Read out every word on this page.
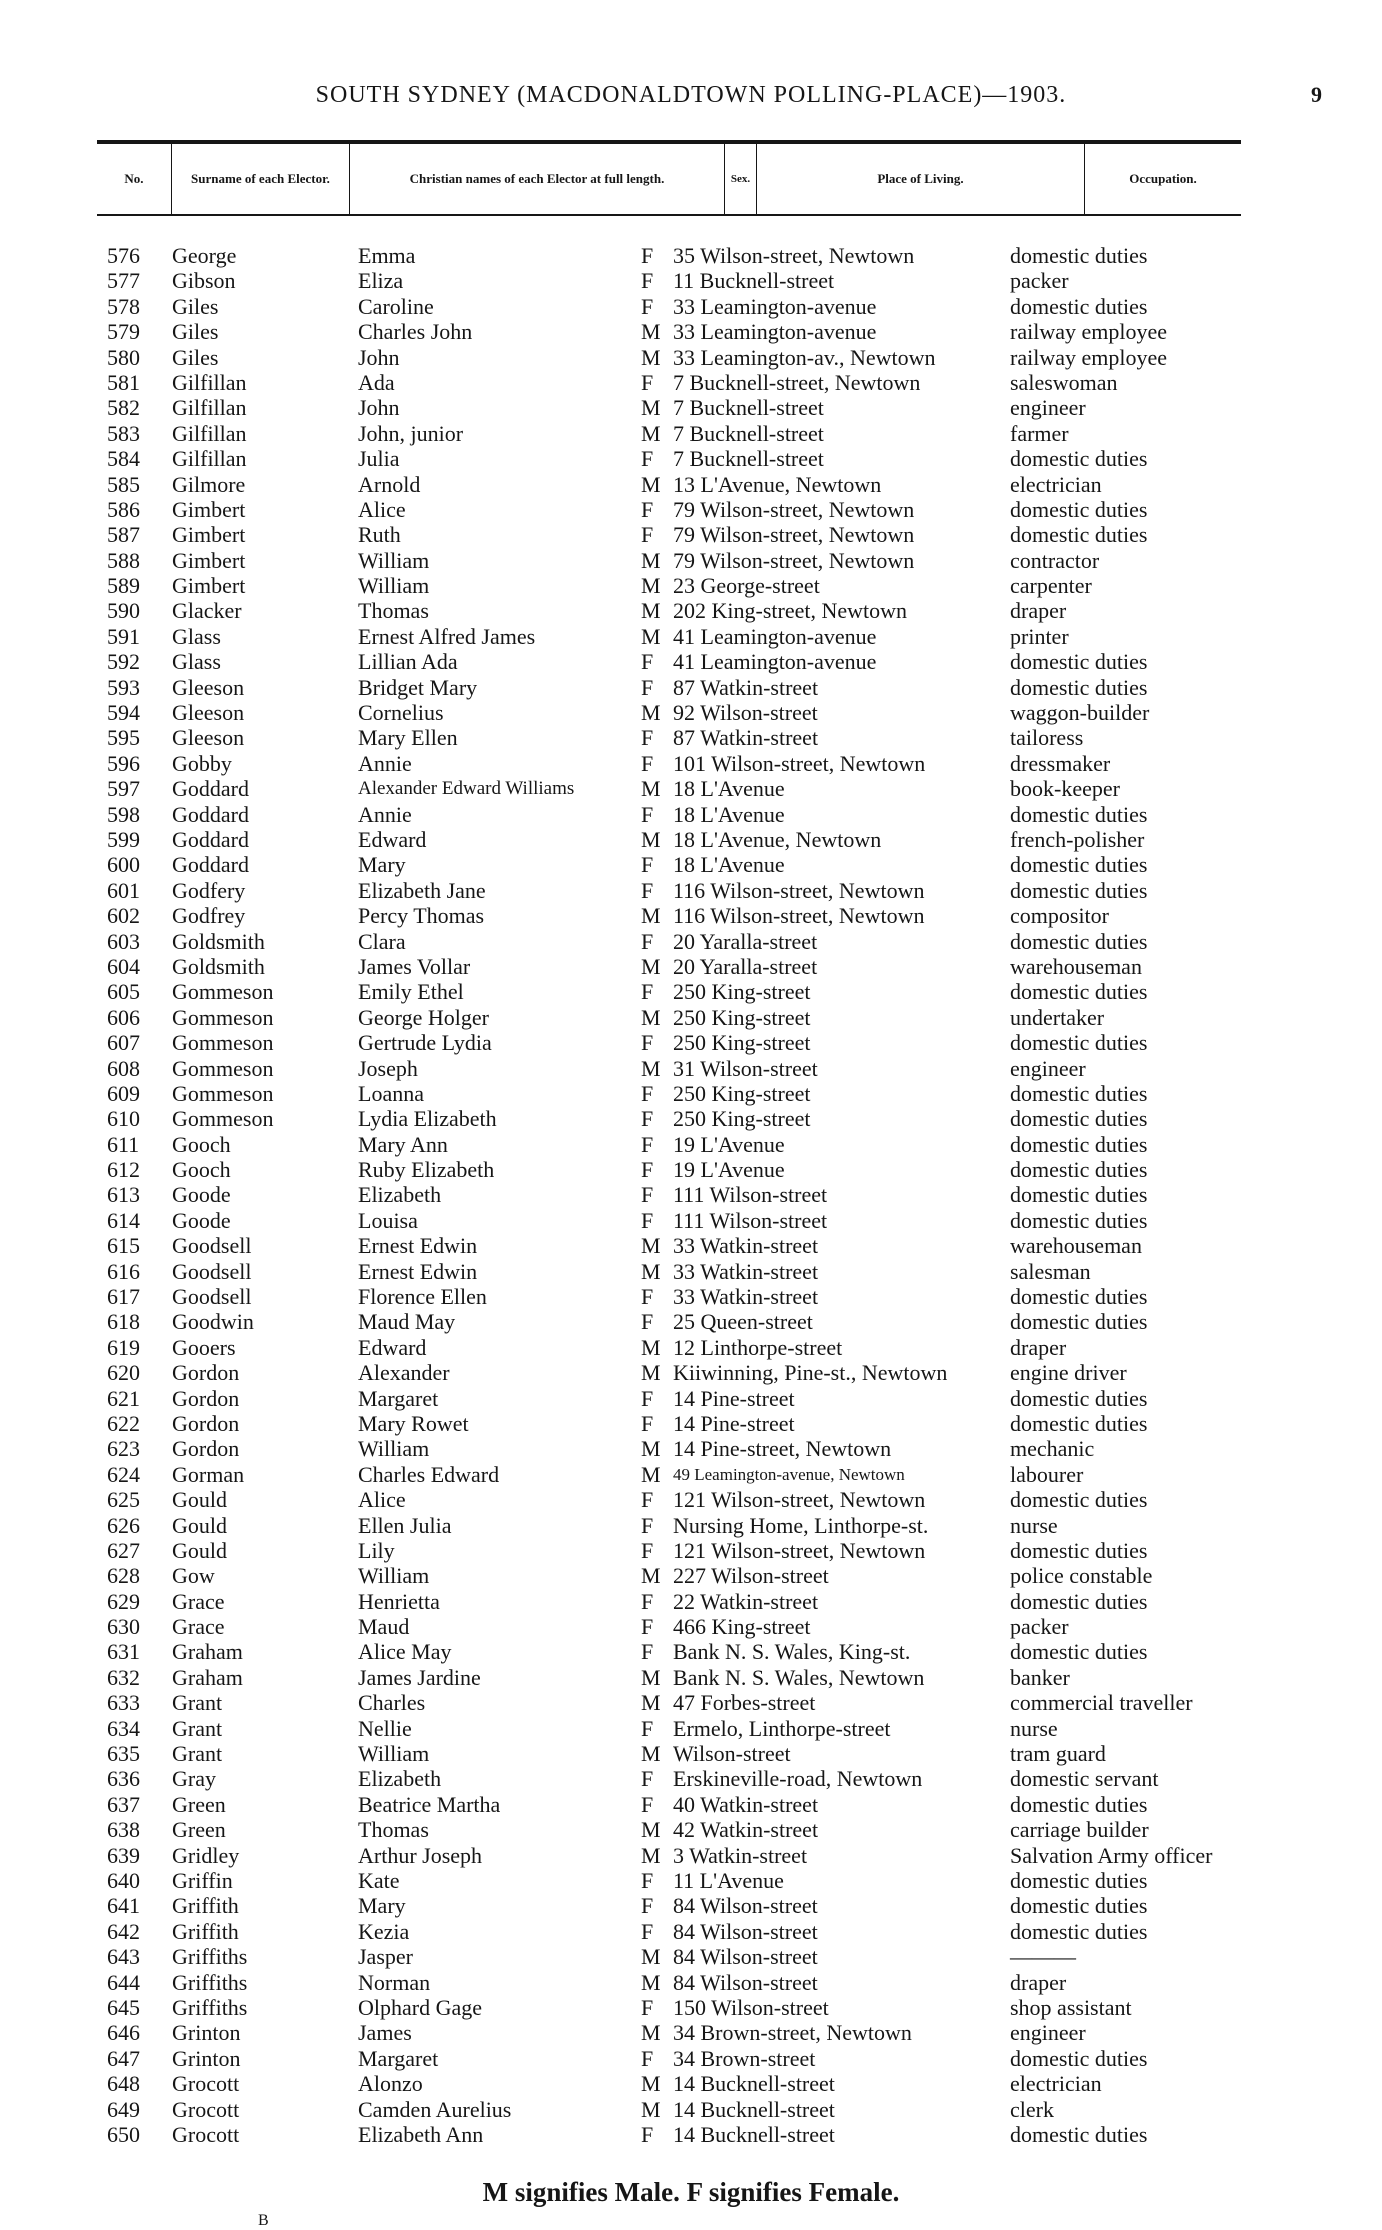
SOUTH SYDNEY (MACDONALDTOWN POLLING-PLACE)—1903.	9
No.	Surname of each Elector.	Christian names of each Elector at full length.	Sex.	Place of Living.	Occupation.
576 George	Emma	F 35 Wilson-street, Newtown	domestic duties
577 Gibson	Eliza	F 11 Bucknell-street	packer
578 Giles	Caroline	F 33 Leamington-avenue	domestic duties
579 Giles	Charles John	M 33 Leamington-avenue	railway employee
580 Giles	John	M 33 Leamington-av., Newtown	railway employee
581 Gilfillan	Ada	F 7 Bucknell-street, Newtown	saleswoman
582 Gilfillan	John	M 7 Bucknell-street	engineer
583 Gilfillan	John, junior	M 7 Bucknell-street	farmer
584 Gilfillan	Julia	F 7 Bucknell-street	domestic duties
585 Gilmore	Arnold	M 13 L'Avenue, Newtown	electrician
586 Gimbert	Alice	F 79 Wilson-street, Newtown	domestic duties
587 Gimbert	Ruth	F 79 Wilson-street, Newtown	domestic duties
588 Gimbert	William	M 79 Wilson-street, Newtown	contractor
589 Gimbert	William	M 23 George-street	carpenter
590 Glacker	Thomas	M 202 King-street, Newtown	draper
591 Glass	Ernest Alfred James	M 41 Leamington-avenue	printer
592 Glass	Lillian Ada	F 41 Leamington-avenue	domestic duties
593 Gleeson	Bridget Mary	F 87 Watkin-street	domestic duties
594 Gleeson	Cornelius	M 92 Wilson-street	waggon-builder
595 Gleeson	Mary Ellen	F 87 Watkin-street	tailoress
596 Gobby	Annie	F 101 Wilson-street, Newtown	dressmaker
597 Goddard	Alexander Edward Williams	M 18 L'Avenue	book-keeper
598 Goddard	Annie	F 18 L'Avenue	domestic duties
599 Goddard	Edward	M 18 L'Avenue, Newtown	french-polisher
600 Goddard	Mary	F 18 L'Avenue	domestic duties
601 Godfery	Elizabeth Jane	F 116 Wilson-street, Newtown	domestic duties
602 Godfrey	Percy Thomas	M 116 Wilson-street, Newtown	compositor
603 Goldsmith	Clara	F 20 Yaralla-street	domestic duties
604 Goldsmith	James Vollar	M 20 Yaralla-street	warehouseman
605 Gommeson	Emily Ethel	F 250 King-street	domestic duties
606 Gommeson	George Holger	M 250 King-street	undertaker
607 Gommeson	Gertrude Lydia	F 250 King-street	domestic duties
608 Gommeson	Joseph	M 31 Wilson-street	engineer
609 Gommeson	Loanna	F 250 King-street	domestic duties
610 Gommeson	Lydia Elizabeth	F 250 King-street	domestic duties
611 Gooch	Mary Ann	F 19 L'Avenue	domestic duties
612 Gooch	Ruby Elizabeth	F 19 L'Avenue	domestic duties
613 Goode	Elizabeth	F 111 Wilson-street	domestic duties
614 Goode	Louisa	F 111 Wilson-street	domestic duties
615 Goodsell	Ernest Edwin	M 33 Watkin-street	warehouseman
616 Goodsell	Ernest Edwin	M 33 Watkin-street	salesman
617 Goodsell	Florence Ellen	F 33 Watkin-street	domestic duties
618 Goodwin	Maud May	F 25 Queen-street	domestic duties
619 Gooers	Edward	M 12 Linthorpe-street	draper
620 Gordon	Alexander	M Kiiwinning, Pine-st., Newtown	engine driver
621 Gordon	Margaret	F 14 Pine-street	domestic duties
622 Gordon	Mary Rowet	F 14 Pine-street	domestic duties
623 Gordon	William	M 14 Pine-street, Newtown	mechanic
624 Gorman	Charles Edward	M 49 Leamington-avenue, Newtown	labourer
625 Gould	Alice	F 121 Wilson-street, Newtown	domestic duties
626 Gould	Ellen Julia	F Nursing Home, Linthorpe-st.	nurse
627 Gould	Lily	F 121 Wilson-street, Newtown	domestic duties
628 Gow	William	M 227 Wilson-street	police constable
629 Grace	Henrietta	F 22 Watkin-street	domestic duties
630 Grace	Maud	F 466 King-street	packer
631 Graham	Alice May	F Bank N. S. Wales, King-st.	domestic duties
632 Graham	James Jardine	M Bank N. S. Wales, Newtown	banker
633 Grant	Charles	M 47 Forbes-street	commercial traveller
634 Grant	Nellie	F Ermelo, Linthorpe-street	nurse
635 Grant	William	M Wilson-street	tram guard
636 Gray	Elizabeth	F Erskineville-road, Newtown	domestic servant
637 Green	Beatrice Martha	F 40 Watkin-street	domestic duties
638 Green	Thomas	M 42 Watkin-street	carriage builder
639 Gridley	Arthur Joseph	M 3 Watkin-street	Salvation Army officer
640 Griffin	Kate	F 11 L'Avenue	domestic duties
641 Griffith	Mary	F 84 Wilson-street	domestic duties
642 Griffith	Kezia	F 84 Wilson-street	domestic duties
643 Griffiths	Jasper	M 84 Wilson-street	———
644 Griffiths	Norman	M 84 Wilson-street	draper
645 Griffiths	Olphard Gage	F 150 Wilson-street	shop assistant
646 Grinton	James	M 34 Brown-street, Newtown	engineer
647 Grinton	Margaret	F 34 Brown-street	domestic duties
648 Grocott	Alonzo	M 14 Bucknell-street	electrician
649 Grocott	Camden Aurelius	M 14 Bucknell-street	clerk
650 Grocott	Elizabeth Ann	F 14 Bucknell-street	domestic duties
M signifies Male. F signifies Female.
B
